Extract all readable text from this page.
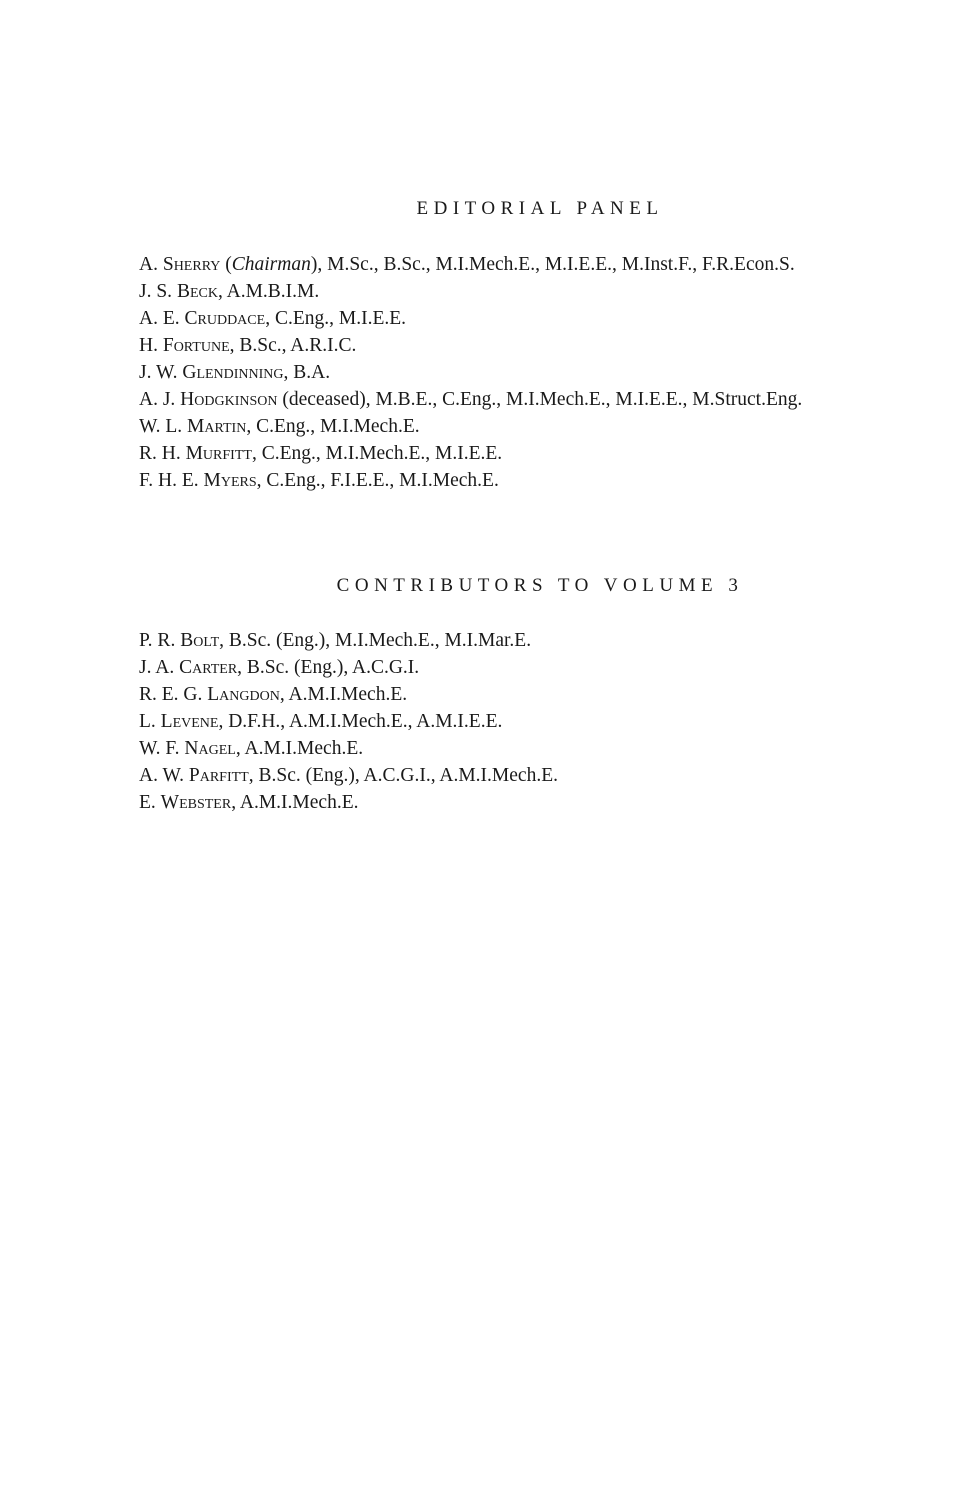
EDITORIAL PANEL
A. Sherry (Chairman), M.Sc., B.Sc., M.I.Mech.E., M.I.E.E., M.Inst.F., F.R.Econ.S.
J. S. Beck, A.M.B.I.M.
A. E. Cruddace, C.Eng., M.I.E.E.
H. Fortune, B.Sc., A.R.I.C.
J. W. Glendinning, B.A.
A. J. Hodgkinson (deceased), M.B.E., C.Eng., M.I.Mech.E., M.I.E.E., M.Struct.Eng.
W. L. Martin, C.Eng., M.I.Mech.E.
R. H. Murfitt, C.Eng., M.I.Mech.E., M.I.E.E.
F. H. E. Myers, C.Eng., F.I.E.E., M.I.Mech.E.
CONTRIBUTORS TO VOLUME 3
P. R. Bolt, B.Sc. (Eng.), M.I.Mech.E., M.I.Mar.E.
J. A. Carter, B.Sc. (Eng.), A.C.G.I.
R. E. G. Langdon, A.M.I.Mech.E.
L. Levene, D.F.H., A.M.I.Mech.E., A.M.I.E.E.
W. F. Nagel, A.M.I.Mech.E.
A. W. Parfitt, B.Sc. (Eng.), A.C.G.I., A.M.I.Mech.E.
E. Webster, A.M.I.Mech.E.
